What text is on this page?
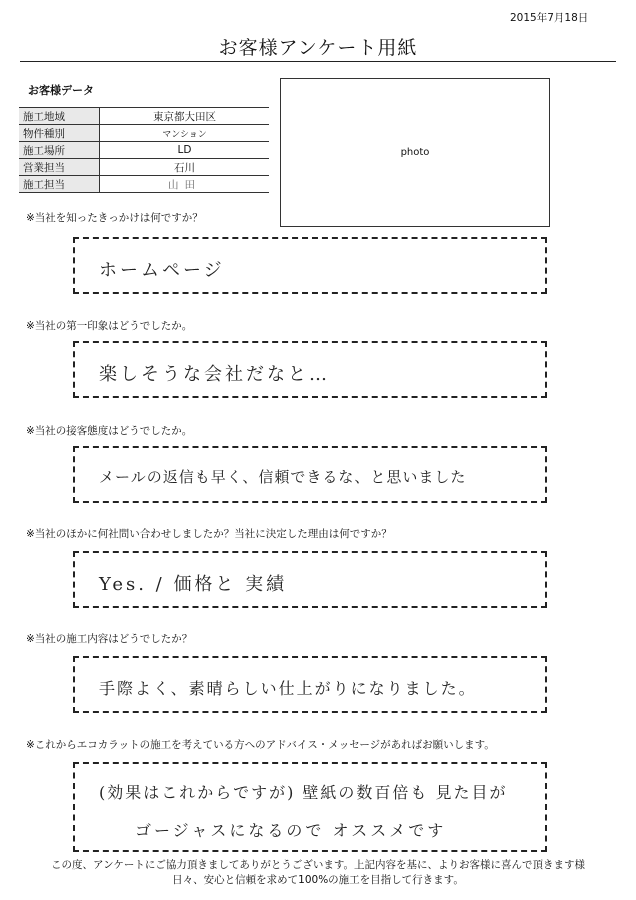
2015年7月18日
お客様アンケート用紙
お客様データ
施工地域	東京都大田区
物件種別	マンション
施工場所	LD
営業担当	石川
施工担当	山田
photo
※当社を知ったきっかけは何ですか？
ホームページ
※当社の第一印象はどうでしたか。
楽しそうな会社だなと…
※当社の接客態度はどうでしたか。
メールの返信も早く、信頼できるな、と思いました
※当社のほかに何社問い合わせしましたか？当社に決定した理由は何ですか？
Yes. / 価格と 実績
※当社の施工内容はどうでしたか？
手際よく、素晴らしい仕上がりになりました。
※これからエコカラットの施工を考えている方へのアドバイス・メッセージがあればお願いします。
(効果はこれからですが) 壁紙の数百倍も 見た目が
ゴージャスになるので オススメです
この度、アンケートにご協力頂きましてありがとうございます。上記内容を基に、よりお客様に喜んで頂きます様
日々、安心と信頼を求めて100%の施工を目指して行きます。
